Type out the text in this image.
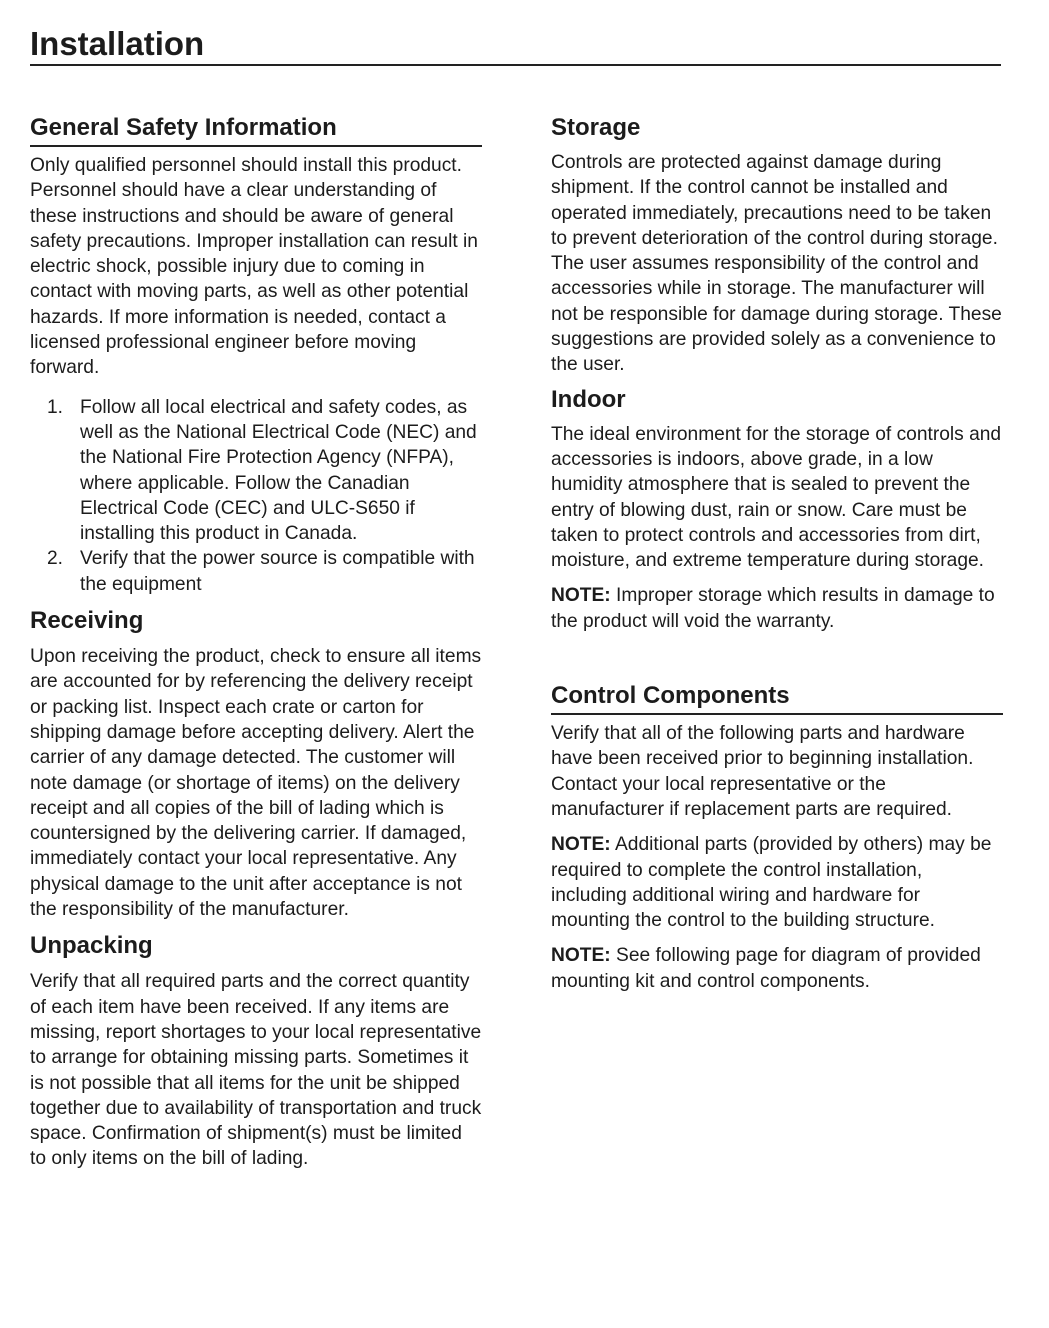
Installation
General Safety Information

Only qualified personnel should install this product. Personnel should have a clear understanding of these instructions and should be aware of general safety precautions. Improper installation can result in electric shock, possible injury due to coming in contact with moving parts, as well as other potential hazards. If more information is needed, contact a licensed professional engineer before moving forward.

1. Follow all local electrical and safety codes, as well as the National Electrical Code (NEC) and the National Fire Protection Agency (NFPA), where applicable. Follow the Canadian Electrical Code (CEC) and ULC-S650 if installing this product in Canada.
2. Verify that the power source is compatible with the equipment
Receiving

Upon receiving the product, check to ensure all items are accounted for by referencing the delivery receipt or packing list. Inspect each crate or carton for shipping damage before accepting delivery. Alert the carrier of any damage detected. The customer will note damage (or shortage of items) on the delivery receipt and all copies of the bill of lading which is countersigned by the delivering carrier. If damaged, immediately contact your local representative. Any physical damage to the unit after acceptance is not the responsibility of the manufacturer.

Unpacking

Verify that all required parts and the correct quantity of each item have been received. If any items are missing, report shortages to your local representative to arrange for obtaining missing parts. Sometimes it is not possible that all items for the unit be shipped together due to availability of transportation and truck space. Confirmation of shipment(s) must be limited to only items on the bill of lading.

Storage

Controls are protected against damage during shipment. If the control cannot be installed and operated immediately, precautions need to be taken to prevent deterioration of the control during storage. The user assumes responsibility of the control and accessories while in storage. The manufacturer will not be responsible for damage during storage. These suggestions are provided solely as a convenience to the user.

Indoor

The ideal environment for the storage of controls and accessories is indoors, above grade, in a low humidity atmosphere that is sealed to prevent the entry of blowing dust, rain or snow. Care must be taken to protect controls and accessories from dirt, moisture, and extreme temperature during storage.

NOTE: Improper storage which results in damage to the product will void the warranty.

Control Components

Verify that all of the following parts and hardware have been received prior to beginning installation. Contact your local representative or the manufacturer if replacement parts are required.

NOTE: Additional parts (provided by others) may be required to complete the control installation, including additional wiring and hardware for mounting the control to the building structure.

NOTE: See following page for diagram of provided mounting kit and control components.
